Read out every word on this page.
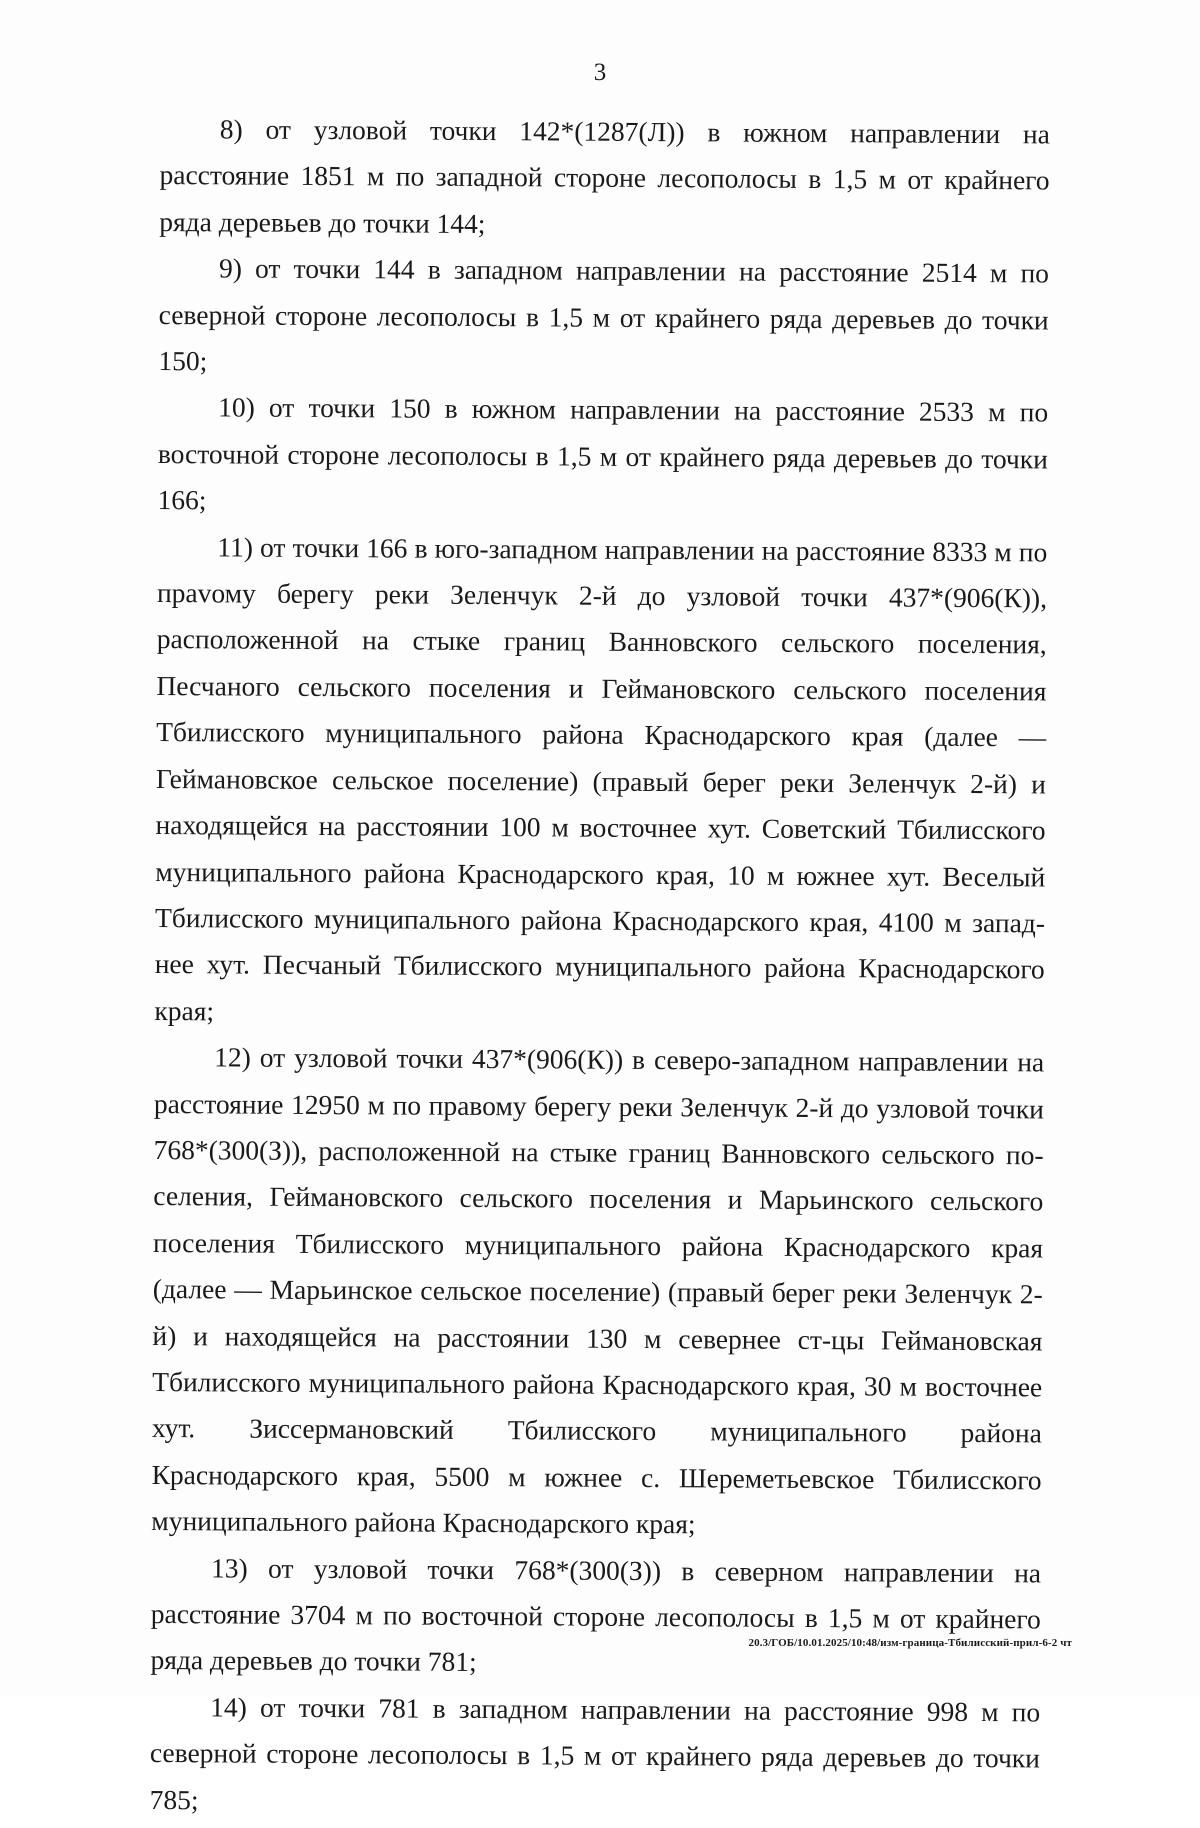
3

8) от узловой точки 142*(1287(Л)) в южном направлении на расстояние 1851 м по западной стороне лесополосы в 1,5 м от крайнего ряда деревьев до точки 144;

9) от точки 144 в западном направлении на расстояние 2514 м по северной стороне лесополосы в 1,5 м от крайнего ряда деревьев до точки 150;

10) от точки 150 в южном направлении на расстояние 2533 м по восточной стороне лесополосы в 1,5 м от крайнего ряда деревьев до точки 166;

11) от точки 166 в юго-западном направлении на расстояние 8333 м по праvому берегу реки Зеленчук 2-й до узловой точки 437*(906(К)), расположенной на стыке границ Ванновского сельского поселения, Песчаного сельского поселения и Геймановского сельского поселения Тбилисского муниципального района Краснодарского края (далее — Геймановское сельское поселение) (правый берег реки Зеленчук 2-й) и находящейся на расстоянии 100 м восточнее хут. Советский Тбилисского муниципального района Краснодарского края, 10 м южнее хут. Веселый Тбилисского муниципального района Краснодарского края, 4100 м западнее хут. Песчаный Тбилисского муниципального района Краснодарского края;

12) от узловой точки 437*(906(К)) в северо-западном направлении на расстояние 12950 м по правому берегу реки Зеленчук 2-й до узловой точки 768*(300(З)), расположенной на стыке границ Ванновского сельского поселения, Геймановского сельского поселения и Марьинского сельского поселения Тбилисского муниципального района Краснодарского края (далее — Марьинское сельское поселение) (правый берег реки Зеленчук 2-й) и находящейся на расстоянии 130 м севернее ст-цы Геймановская Тбилисского муниципального района Краснодарского края, 30 м восточнее хут. Зиссермановский Тбилисского муниципального района Краснодарского края, 5500 м южнее с. Шереметьевское Тбилисского муниципального района Краснодарского края;

13) от узловой точки 768*(300(З)) в северном направлении на расстояние 3704 м по восточной стороне лесополосы в 1,5 м от крайнего ряда деревьев до точки 781;

14) от точки 781 в западном направлении на расстояние 998 м по северной стороне лесополосы в 1,5 м от крайнего ряда деревьев до точки 785;

20.3/ГОБ/10.01.2025/10:48/изм-граница-Тбилисский-прил-6-2 чт
